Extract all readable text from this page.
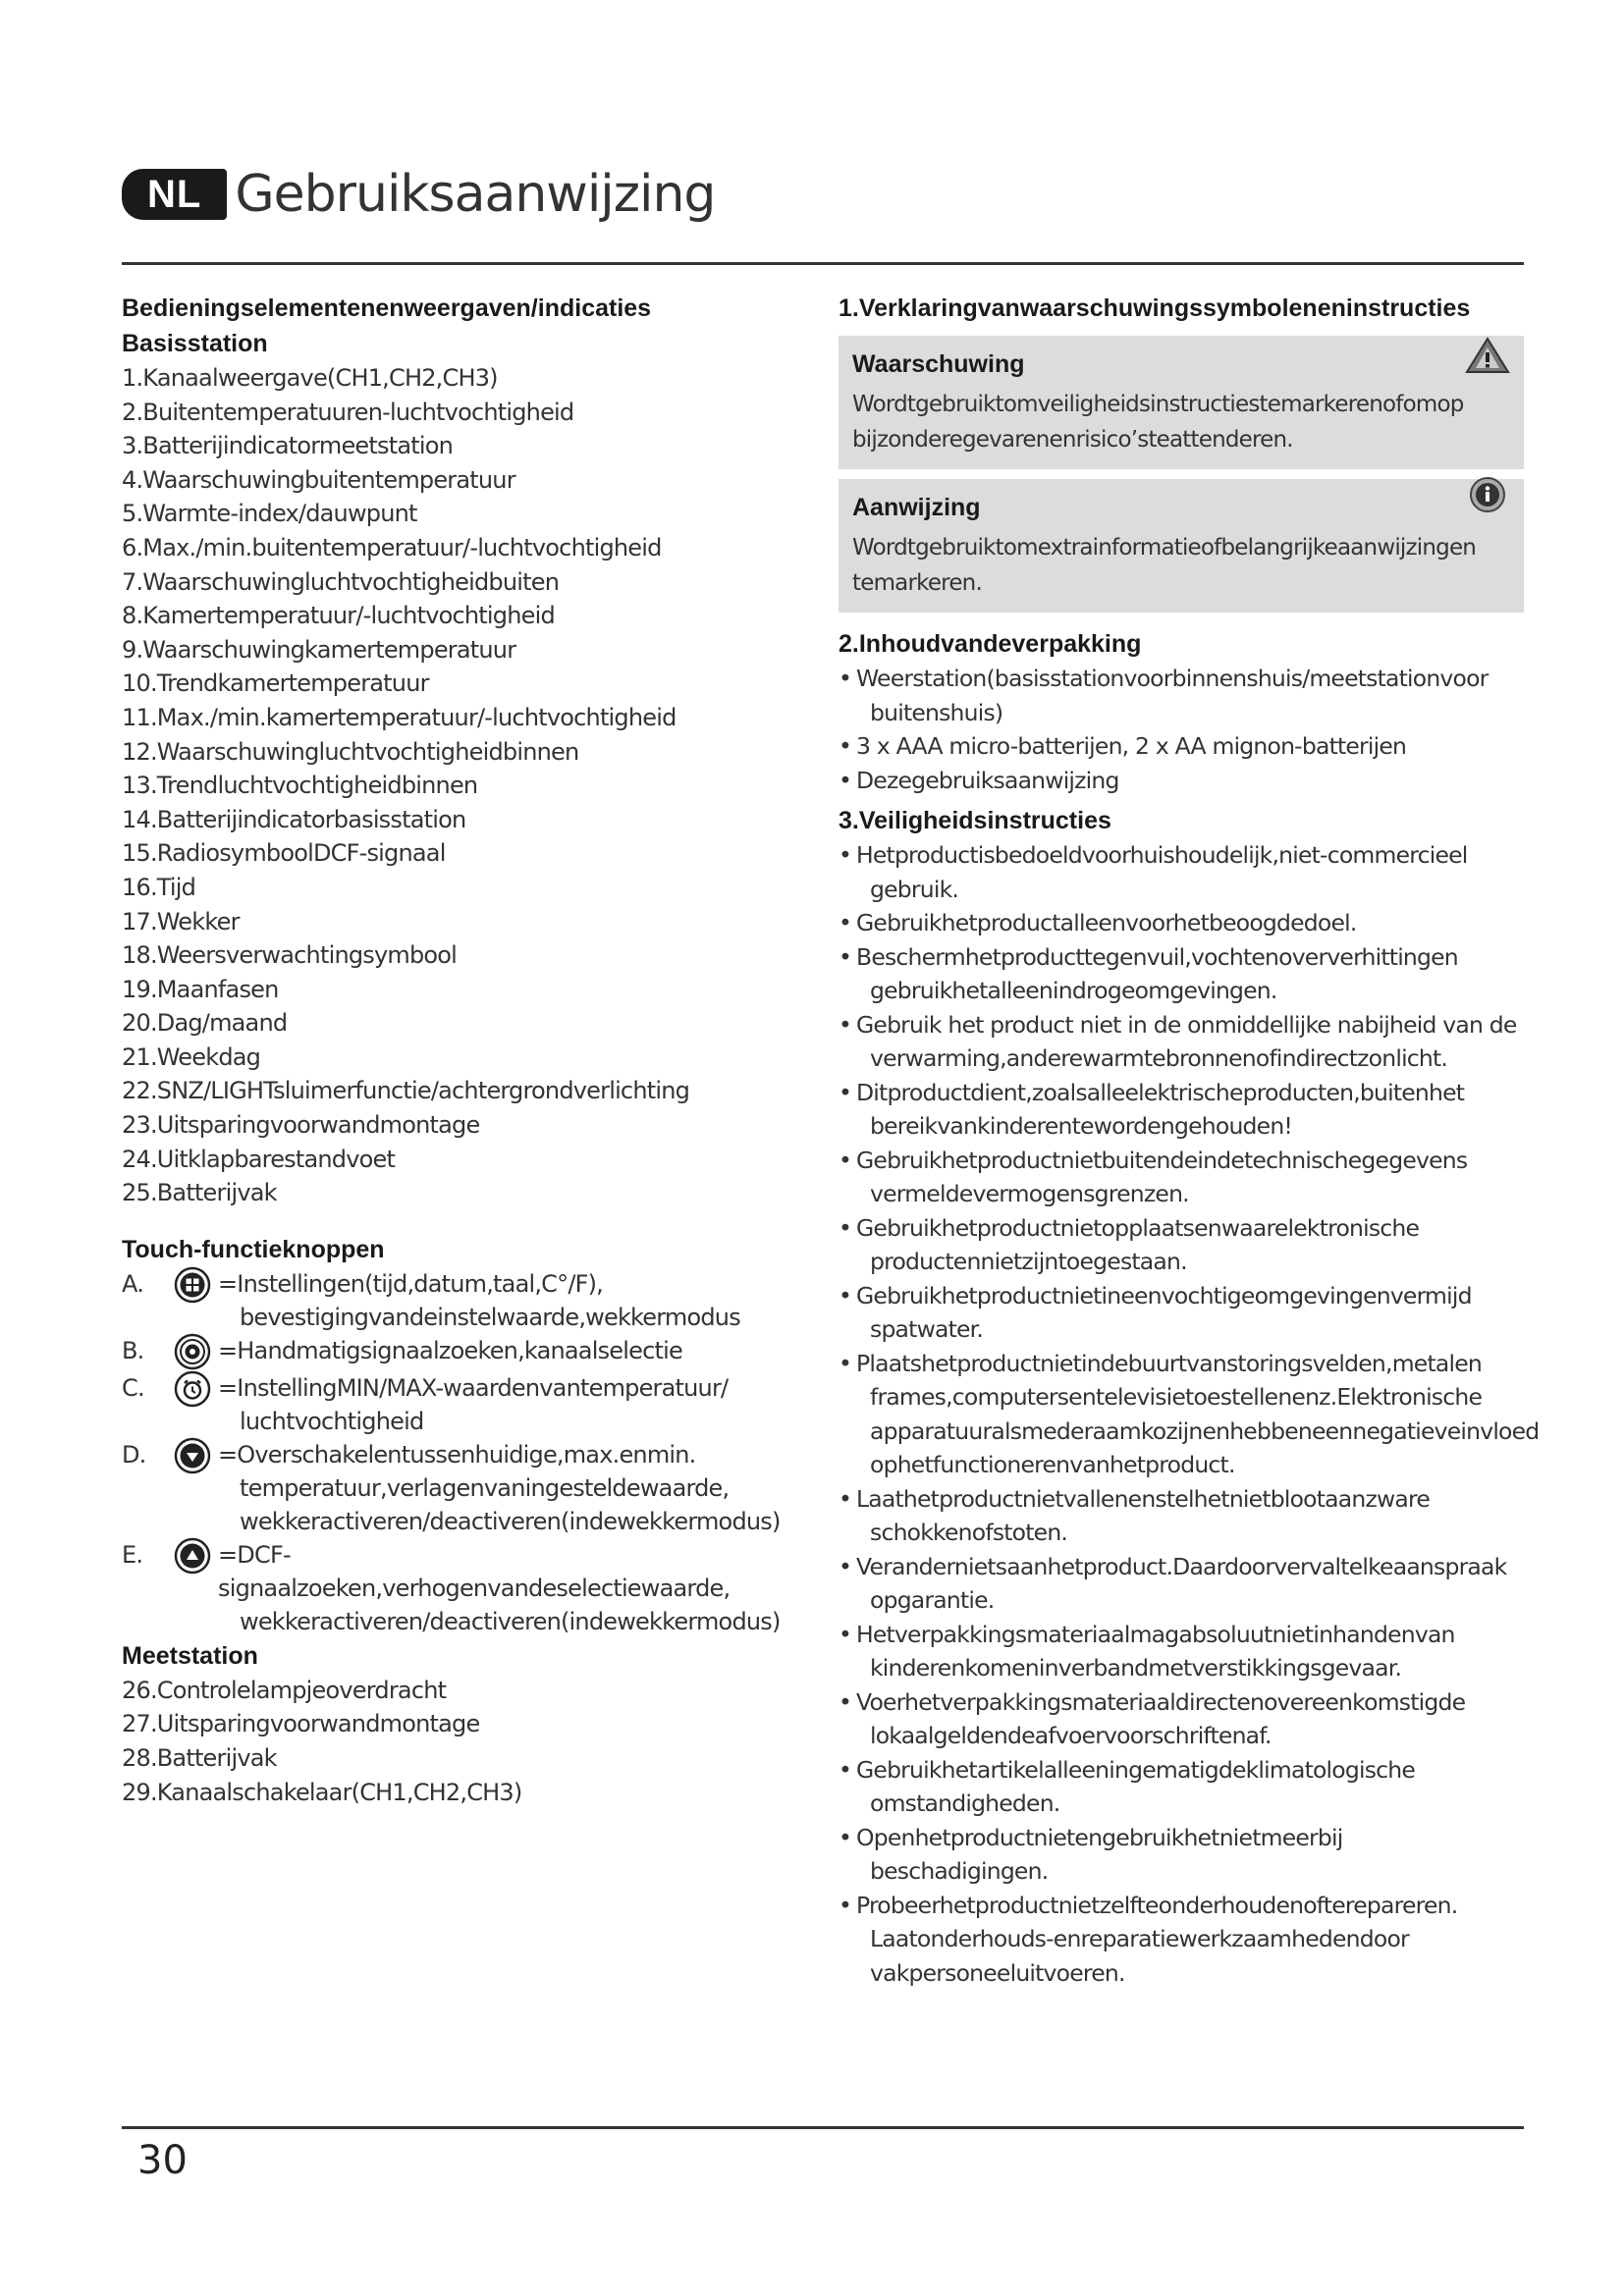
NL Gebruiksaanwijzing

Bedieningselementenenweergaven/indicaties

Basisstation

1.Kanaalweergave(CH1,CH2,CH3)

2.Buitentemperatuuren-luchtvochtigheid

3.Batterijindicatormeetstation

4.Waarschuwingbuitentemperatuur

5.Warmte-index/dauwpunt

6.Max./min.buitentemperatuur/-luchtvochtigheid

7.Waarschuwingluchtvochtigheidbuiten

8.Kamertemperatuur/-luchtvochtigheid

9.Waarschuwingkamertemperatuur

10.Trendkamertemperatuur

11.Max./min.kamertemperatuur/-luchtvochtigheid

12.Waarschuwingluchtvochtigheidbinnen

13.Trendluchtvochtigheidbinnen

14.Batterijindicatorbasisstation

15.RadiosymboolDCF-signaal

16.Tijd

17.Wekker

18.Weersverwachtingsymbool

19.Maanfasen

20.Dag/maand

21.Weekdag

22.SNZ/LIGHTsluimerfunctie/achtergrondverlichting

23.Uitsparingvoorwandmontage

24.Uitklapbarestandvoet

25.Batterijvak

Touch-functieknoppen

A.	=Instellingen(tijd,datum,taal,C°/F),
bevestigingvandeinstelwaarde,wekkermodus
B.	=Handmatigsignaalzoeken,kanaalselectie
C.	=InstellingMIN/MAX-waardenvantemperatuur/
luchtvochtigheid
D.	=Overschakelentussenhuidige,max.enmin.
temperatuur,verlagenvaningesteldewaarde,
wekkeractiveren/deactiveren(indewekkermodus)
E.	=DCF-signaalzoeken,verhogenvandeselectiewaarde,
wekkeractiveren/deactiveren(indewekkermodus)

Meetstation

26.Controlelampjeoverdracht

27.Uitsparingvoorwandmontage

28.Batterijvak

29.Kanaalschakelaar(CH1,CH2,CH3)

1.Verklaringvanwaarschuwingssymboleneninstructies

Waarschuwing
Wordtgebruiktomveiligheidsinstructiestemarkerenofomop
bijzonderegevarenenrisico’steattenderen.
Aanwijzing
Wordtgebruiktomextrainformatieofbelangrijkeaanwijzingen
temarkeren.

2.Inhoudvandeverpakking

• Weerstation(basisstationvoorbinnenshuis/meetstationvoor
buitenshuis)
• 3 x AAA micro-batterijen, 2 x AA mignon-batterijen
• Dezegebruiksaanwijzing

3.Veiligheidsinstructies

• Hetproductisbedoeldvoorhuishoudelijk,niet-commercieel
gebruik.
• Gebruikhetproductalleenvoorhetbeoogdedoel.
• Beschermhetproducttegenvuil,vochtenoververhittingen
gebruikhetalleenindrogeomgevingen.
• Gebruik het product niet in de onmiddellijke nabijheid van de
verwarming,anderewarmtebronnenofindirectzonlicht.
• Ditproductdient,zoalsalleelektrischeproducten,buitenhet
bereikvankinderentewordengehouden!
• Gebruikhetproductnietbuitendeindetechnischegegevens
vermeldevermogensgrenzen.
• Gebruikhetproductnietopplaatsenwaarelektronische
productennietzijntoegestaan.
• Gebruikhetproductnietineenvochtigeomgevingenvermijd
spatwater.
• Plaatshetproductnietindebuurtvanstoringsvelden,metalen
frames,computersentelevisietoestellenenz.Elektronische
apparatuuralsmederaamkozijnenhebbeneennegatieveinvloed
ophetfunctionerenvanhetproduct.
• Laathetproductnietvallenenstelhetnietblootaanzware
schokkenofstoten.
• Verandernietsaanhetproduct.Daardoorvervaltelkeaanspraak
opgarantie.
• Hetverpakkingsmateriaalmagabsoluutnietinhandenvan
kinderenkomeninverbandmetverstikkingsgevaar.
• Voerhetverpakkingsmateriaaldirectenovereenkomstigde
lokaalgeldendeafvoervoorschriftenaf.
• Gebruikhetartikelalleeningematigdeklimatologische
omstandigheden.
• Openhetproductnietengebruikhetnietmeerbij
beschadigingen.
• Probeerhetproductnietzelfteonderhoudenofterepareren.
Laatonderhouds-enreparatiewerkzaamhedendoor
vakpersoneeluitvoeren.
30
